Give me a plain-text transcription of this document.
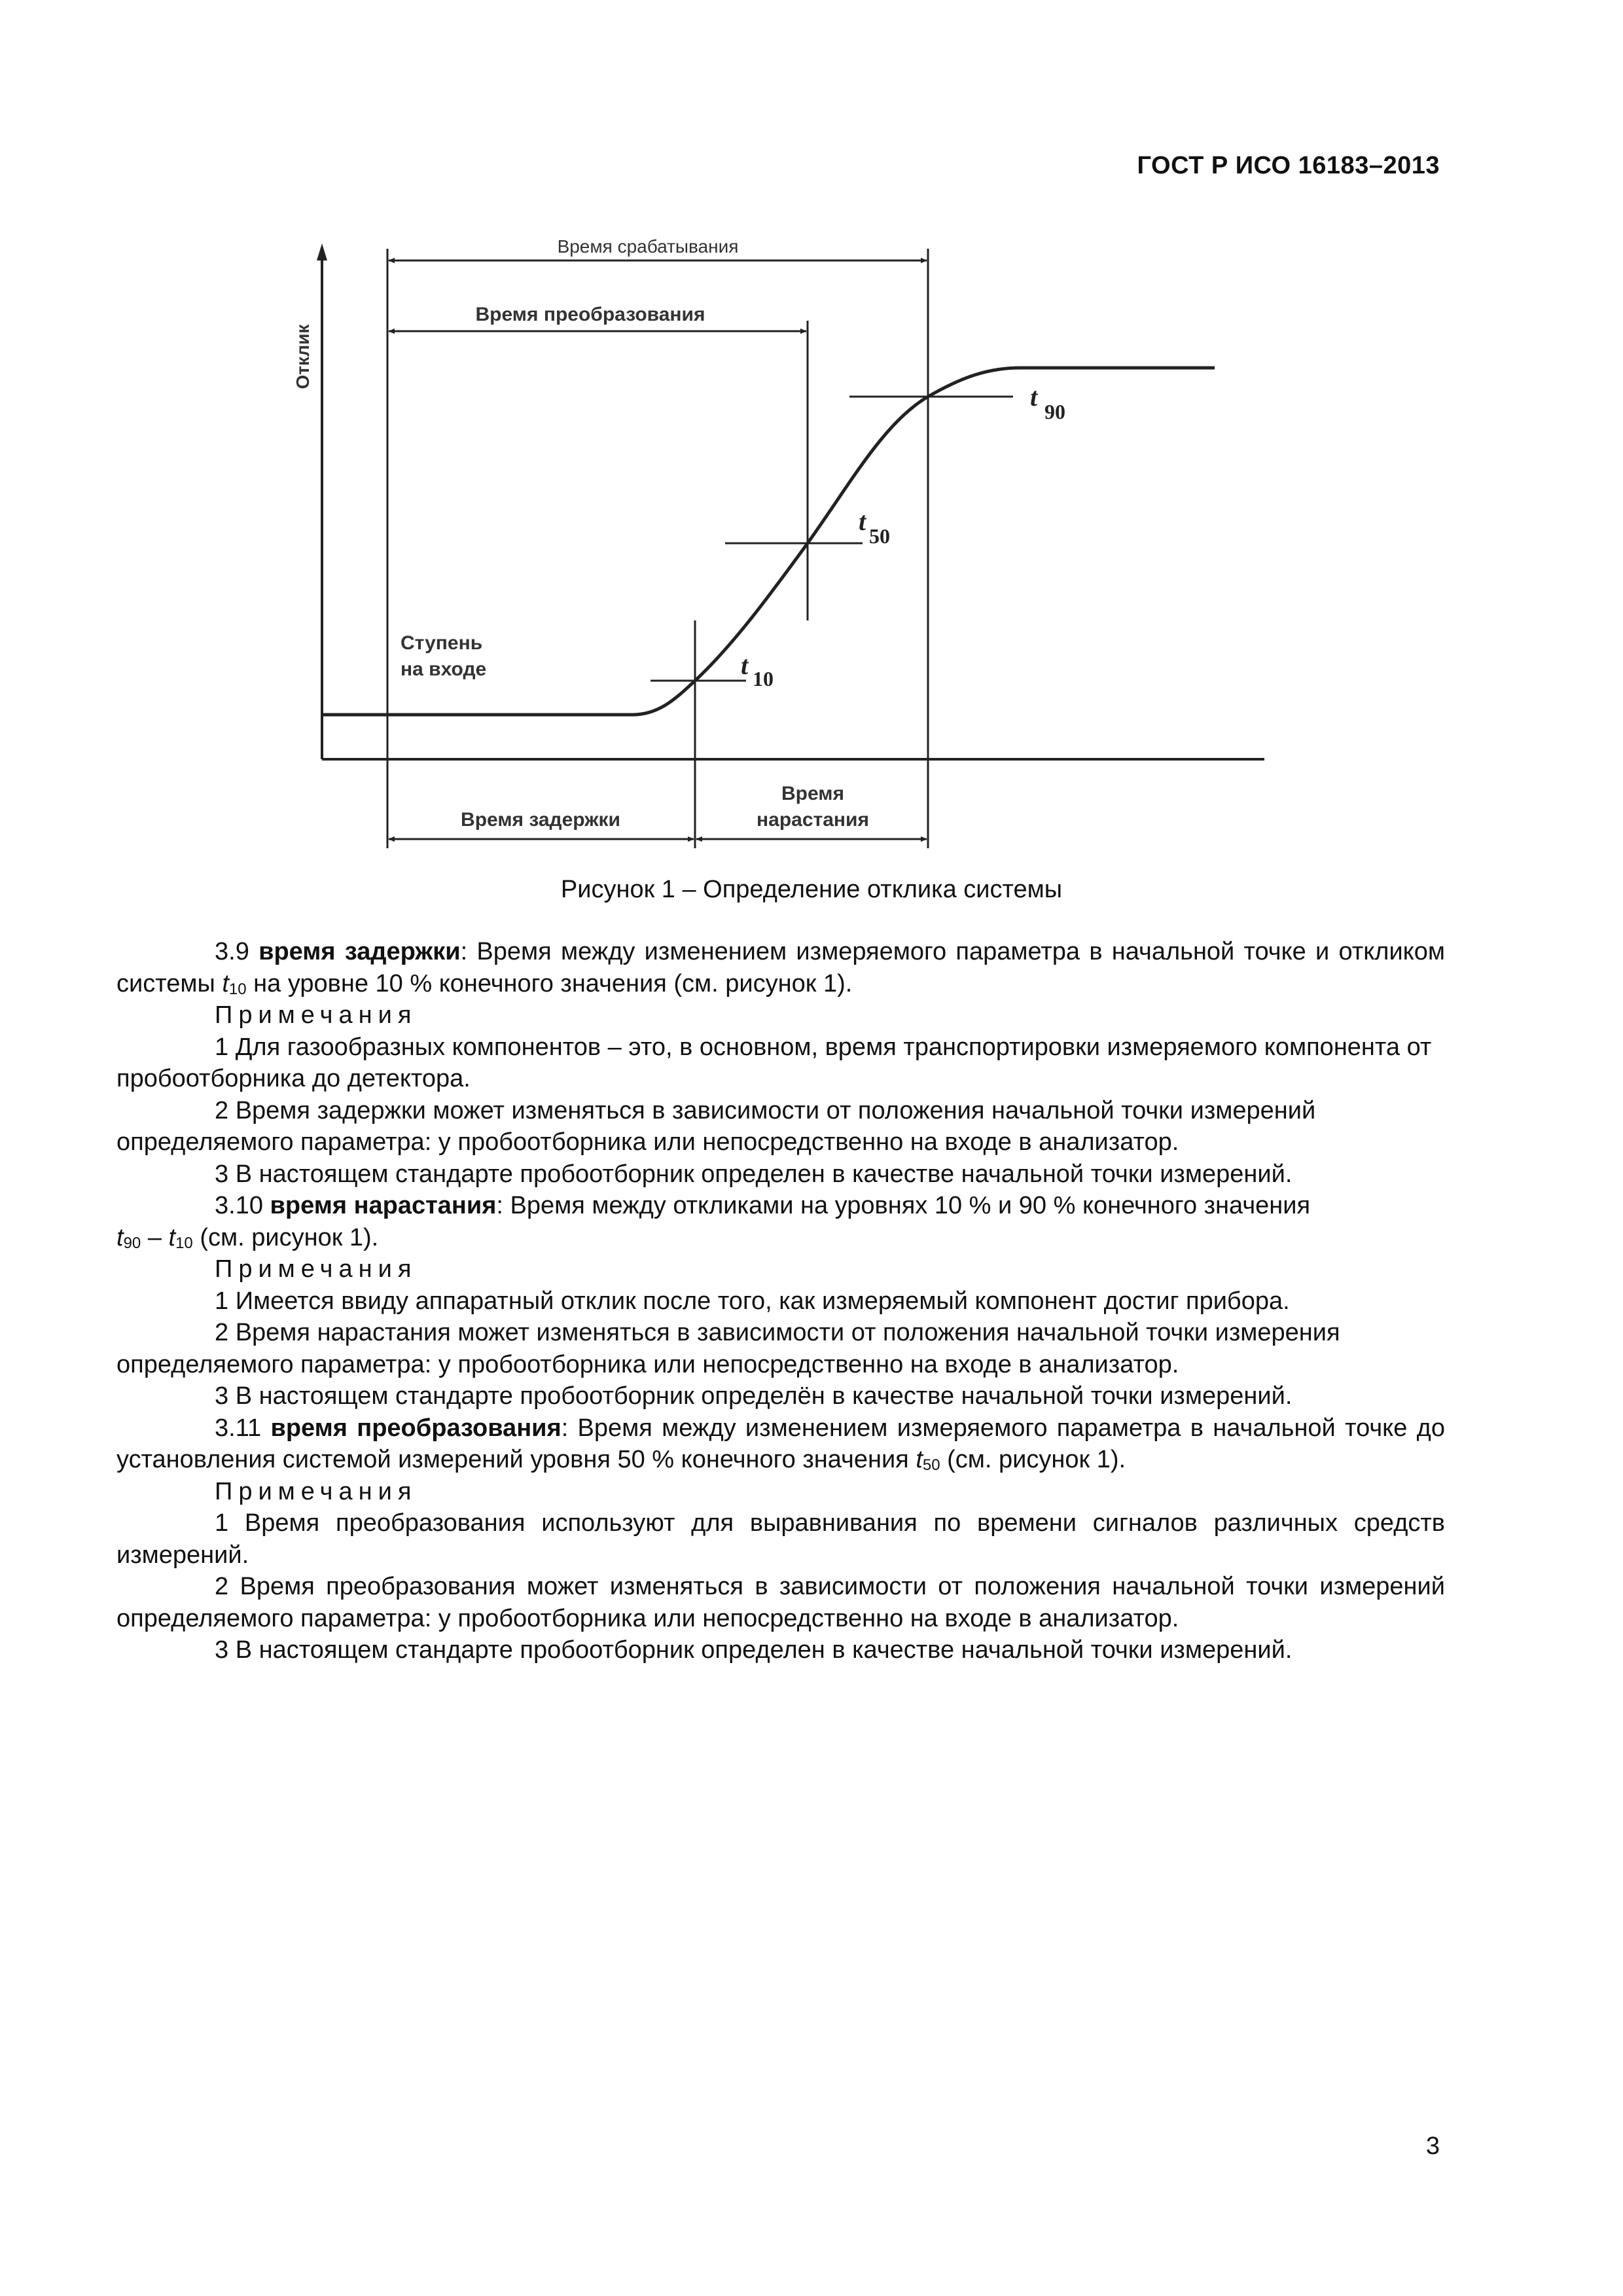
ГОСТ Р ИСО 16183–2013
Отклик
Время срабатывания
Время преобразования
Ступень
на входе
Время задержки
Время
нарастания
t 10
t 50
t 90
Рисунок 1 – Определение отклика системы

3.9 время задержки: Время между изменением измеряемого параметра в начальной точке и откликом системы $t_{10}$ на уровне 10 % конечного значения (см. рисунок 1).

Примечания

1 Для газообразных компонентов – это, в основном, время транспортировки измеряемого компонента от пробоотборника до детектора.

2 Время задержки может изменяться в зависимости от положения начальной точки измерений определяемого параметра: у пробоотборника или непосредственно на входе в анализатор.

3 В настоящем стандарте пробоотборник определен в качестве начальной точки измерений.

3.10 время нарастания: Время между откликами на уровнях 10 % и 90 % конечного значения
$t_{90} - t_{10}$ (см. рисунок 1).

Примечания

1 Имеется ввиду аппаратный отклик после того, как измеряемый компонент достиг прибора.

2 Время нарастания может изменяться в зависимости от положения начальной точки измерения определяемого параметра: у пробоотборника или непосредственно на входе в анализатор.

3 В настоящем стандарте пробоотборник определён в качестве начальной точки измерений.

3.11 время преобразования: Время между изменением измеряемого параметра в начальной точке до установления системой измерений уровня 50 % конечного значения $t_{50}$ (см. рисунок 1).

Примечания

1 Время преобразования используют для выравнивания по времени сигналов различных средств измерений.

2 Время преобразования может изменяться в зависимости от положения начальной точки измерений определяемого параметра: у пробоотборника или непосредственно на входе в анализатор.

3 В настоящем стандарте пробоотборник определен в качестве начальной точки измерений.

3
